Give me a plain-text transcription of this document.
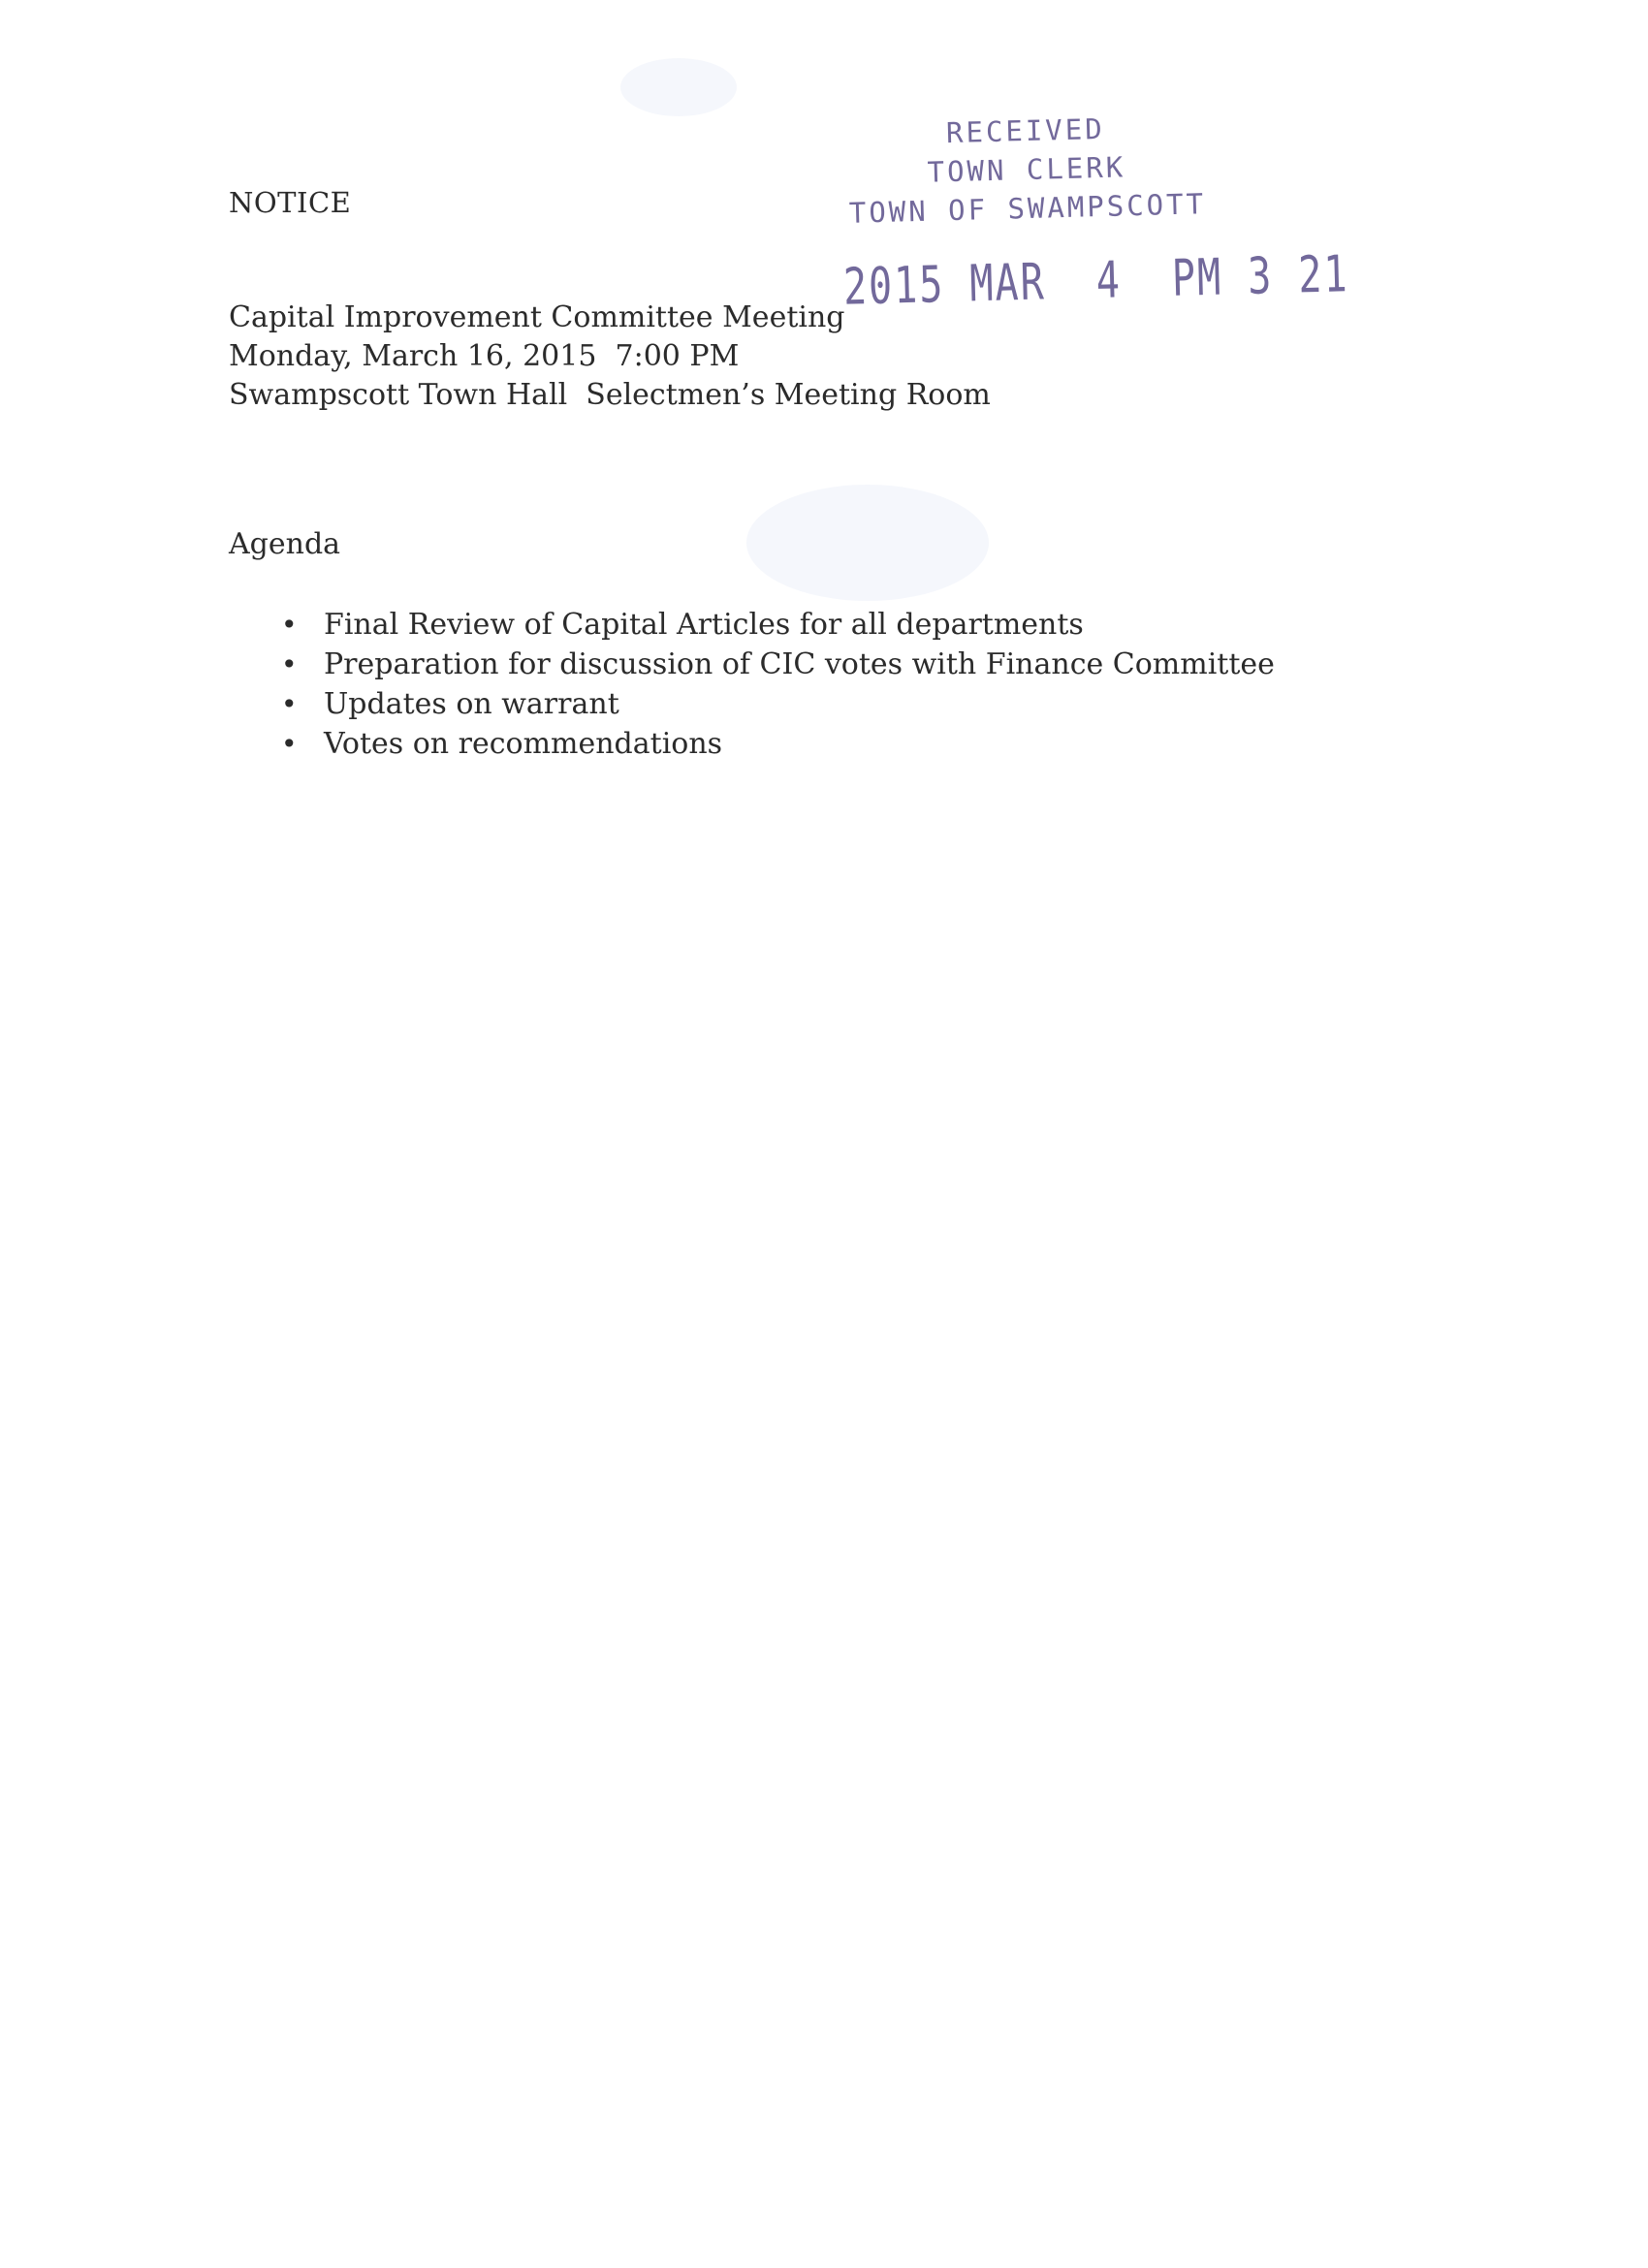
NOTICE
Capital Improvement Committee Meeting
Monday, March 16, 2015  7:00 PM
Swampscott Town Hall  Selectmen’s Meeting Room
Agenda
• Final Review of Capital Articles for all departments
• Preparation for discussion of CIC votes with Finance Committee
• Updates on warrant
• Votes on recommendations
RECEIVED
TOWN CLERK
TOWN OF SWAMPSCOTT
2015 MAR  4  PM 3 21
